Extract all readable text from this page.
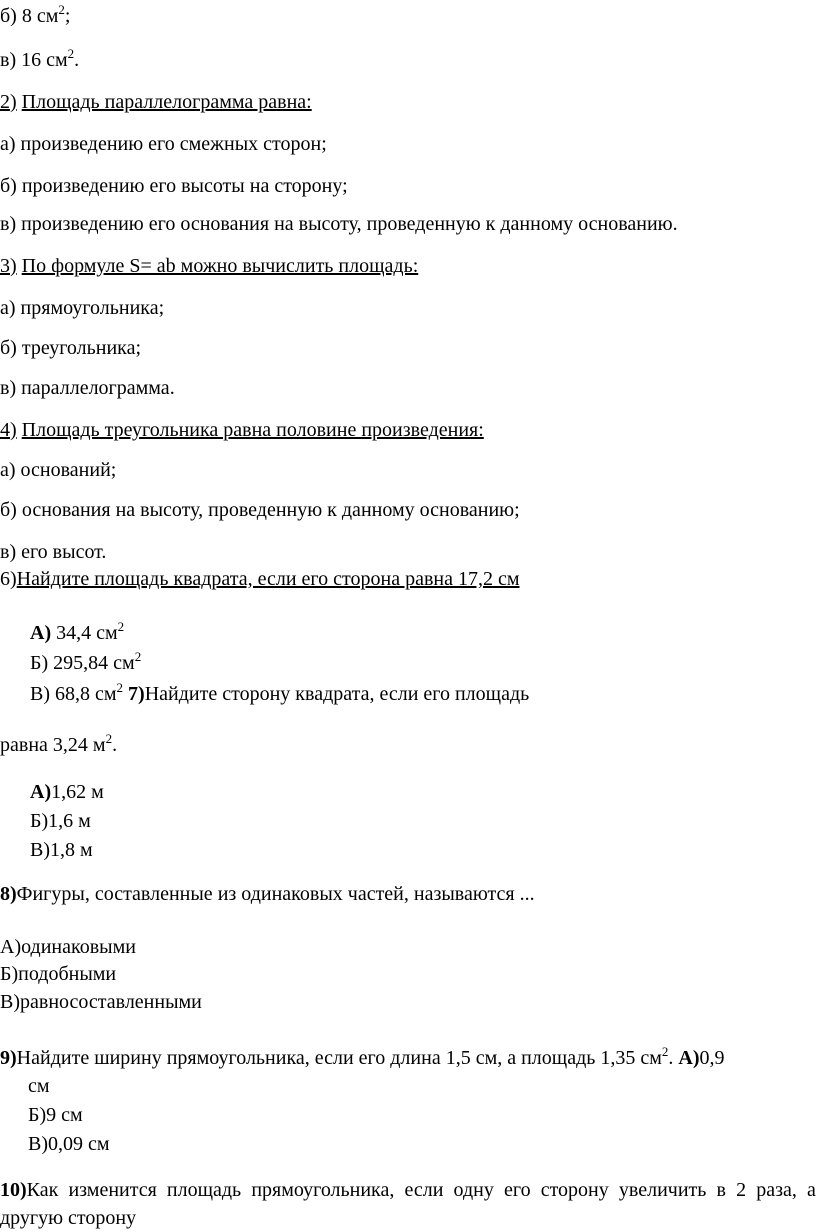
б) 8 $см^2$;
в) 16 $см^2$.
2) Площадь параллелограмма равна:
а) произведению его смежных сторон;
б) произведению его высоты на сторону;
в) произведению его основания на высоту, проведенную к данному основанию.
3) По формуле S= ab можно вычислить площадь:
а) прямоугольника;
б) треугольника;
в) параллелограмма.
4) Площадь треугольника равна половине произведения:
а) оснований;
б) основания на высоту, проведенную к данному основанию;
в) его высот.
6)Найдите площадь квадрата, если его сторона равна 17,2 см
А) 34,4 $см^2$
Б) 295,84 $см^2$
В) 68,8 $см^2$ 7)Найдите сторону квадрата, если его площадь
равна 3,24 $м^2$.
А)1,62 м
Б)1,6 м
В)1,8 м
8)Фигуры, составленные из одинаковых частей, называются ...
А)одинаковыми
Б)подобными
В)равносоставленными
9)Найдите ширину прямоугольника, если его длина 1,5 см, а площадь 1,35 $см^2$. А)0,9
см
Б)9 см
В)0,09 см
10)Как изменится площадь прямоугольника, если одну его сторону увеличить в 2 раза, а
другую сторону
